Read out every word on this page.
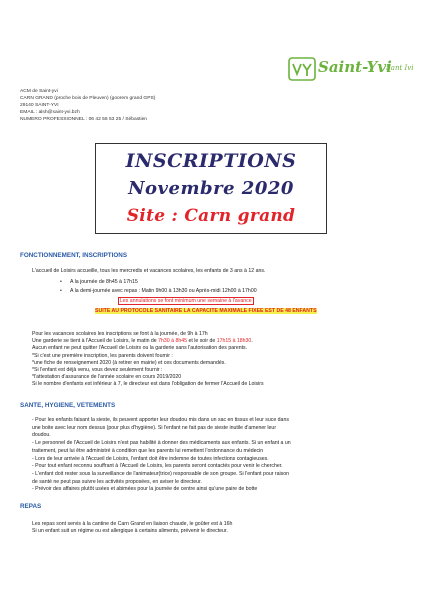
Saint-Yvi
Sant Ivi
ACM de Saint-yvi
CARN GRAND (proche bois de Pleuven) (goorem grand GPS)
29140 SAINT-YVI
EMAIL : alsh@saint-yvi.bzh
NUMERO PROFESSIONNEL : 06 42 56 53 25 / Sébastien
INSCRIPTIONS
Novembre 2020
Site : Carn grand
FONCTIONNEMENT, INSCRIPTIONS
L'accueil de Loisirs accueille, tous les mercredis et vacances scolaires, les enfants de 3 ans à 12 ans.
• A la journée de 8h45 à 17h15
• A la demi-journée avec repas : Matin 9h00 à 13h30 ou Après-midi 12h00 à 17h00
Les annulations se font minimum une semaine à l'avance
SUITE AU PROTOCOLE SANITAIRE LA CAPACITE MAXIMALE FIXEE EST DE 48 ENFANTS
Pour les vacances scolaires les inscriptions se font à la journée, de 9h à 17h
Une garderie se tient à l'Accueil de Loisirs, le matin de 7h30 à 8h45 et le soir de 17h15 à 18h30.
Aucun enfant ne peut quitter l'Accueil de Loisirs ou la garderie sans l'autorisation des parents.
*Si c'est une première inscription, les parents doivent fournir :
*une fiche de renseignement 2020 (à retirer en mairie) et ces documents demandés.
*Si l'enfant est déjà venu, vous devez seulement fournir :
*l'attestation d'assurance de l'année scolaire en cours 2019/2020
Si le nombre d'enfants est inférieur à 7, le directeur est dans l'obligation de fermer l'Accueil de Loisirs
SANTE, HYGIENE, VETEMENTS
- Pour les enfants faisant la sieste, ils peuvent apporter leur doudou mis dans un sac en tissus et leur suce dans
une boite avec leur nom dessus (pour plus d'hygiène). Si l'enfant ne fait pas de sieste inutile d'amener leur
doudou.
- Le personnel de l'Accueil de Loisirs n'est pas habilité à donner des médicaments aux enfants. Si un enfant a un
traitement, peut lui être administré à condition que les parents lui remettent l'ordonnance du médecin
- Lors de leur arrivée à l'Accueil de Loisirs, l'enfant doit être indemne de toutes infections contagieuses.
- Pour tout enfant reconnu souffrant à l'Accueil de Loisirs, les parents seront contactés pour venir le chercher.
- L'enfant doit rester sous la surveillance de l'animateur(trice) responsable de son groupe. Si l'enfant pour raison
de santé ne peut pas suivre les activités proposées, en aviser le directeur.
- Prévoir des affaires plutôt usées et abimées pour la journée de centre ainsi qu'une paire de botte
REPAS
Les repas sont servis à la cantine de Carn Grand en liaison chaude, le goûter est à 16h
Si un enfant suit un régime ou est allergique à certains aliments, prévenir le directeur.
